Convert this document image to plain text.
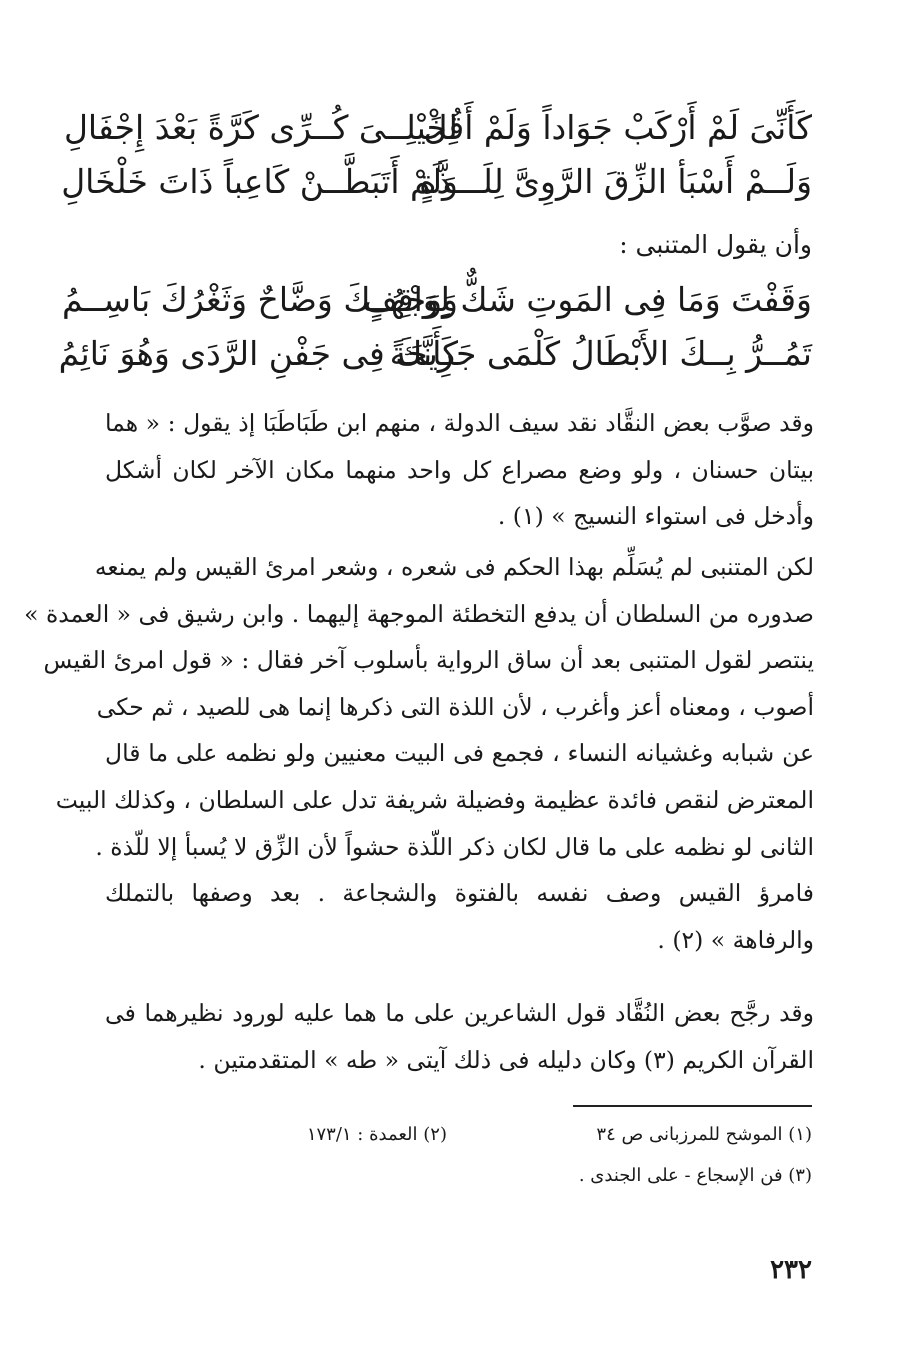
كَأَنِّىَ لَمْ أَرْكَبْ جَوَاداً وَلَمْ أَقُلْ
لِخَيْلِــىَ كُــرِّى كَرَّةً بَعْدَ إِجْفَالِ
وَلَــمْ أَسْبَأ الزِّقَ الرَّوِىَّ لِلَـــذَّةٍ
وَلَمْ أَتَبَطَّــنْ كَاعِباً ذَاتَ خَلْخَالِ
وأن يقول المتنبى :
وَقَفْتَ وَمَا فِى المَوتِ شَكٌّ لِوَاقِفٍ
وَوَجْهُــكَ وَضَّاحٌ وَثَغْرُكَ بَاسِــمُ
تَمُــرُّ بِــكَ الأَبْطَالُ كَلْمَى جَرِيحَةً
كَأَنَّكَ فِى جَفْنِ الرَّدَى وَهُوَ نَائِمُ
وقد صوَّب بعض النقَّاد نقد سيف الدولة ، منهم ابن طَبَاطَبَا إذ يقول : « هما
بيتان حسنان ، ولو وضع مصراع كل واحد منهما مكان الآخر لكان أشكل
وأدخل فى استواء النسيج » (١) .
لكن المتنبى لم يُسَلِّم بهذا الحكم فى شعره ، وشعر امرئ القيس ولم يمنعه
صدوره من السلطان أن يدفع التخطئة الموجهة إليهما . وابن رشيق فى « العمدة »
ينتصر لقول المتنبى بعد أن ساق الرواية بأسلوب آخر فقال : « قول امرئ القيس
أصوب ، ومعناه أعز وأغرب ، لأن اللذة التى ذكرها إنما هى للصيد ، ثم حكى
عن شبابه وغشيانه النساء ، فجمع فى البيت معنيين ولو نظمه على ما قال
المعترض لنقص فائدة عظيمة وفضيلة شريفة تدل على السلطان ، وكذلك البيت
الثانى لو نظمه على ما قال لكان ذكر اللّذة حشواً لأن الزِّق لا يُسبأ إلا للّذة .
فامرؤ القيس وصف نفسه بالفتوة والشجاعة . بعد وصفها بالتملك
والرفاهة » (٢) .
وقد رجَّح بعض النُقَّاد قول الشاعرين على ما هما عليه لورود نظيرهما فى
القرآن الكريم (٣) وكان دليله فى ذلك آيتى « طه » المتقدمتين .
(١) الموشح للمرزبانى ص ٣٤
(٢) العمدة : ١٧٣/١
(٣) فن الإسجاع - على الجندى .
٢٣٢
